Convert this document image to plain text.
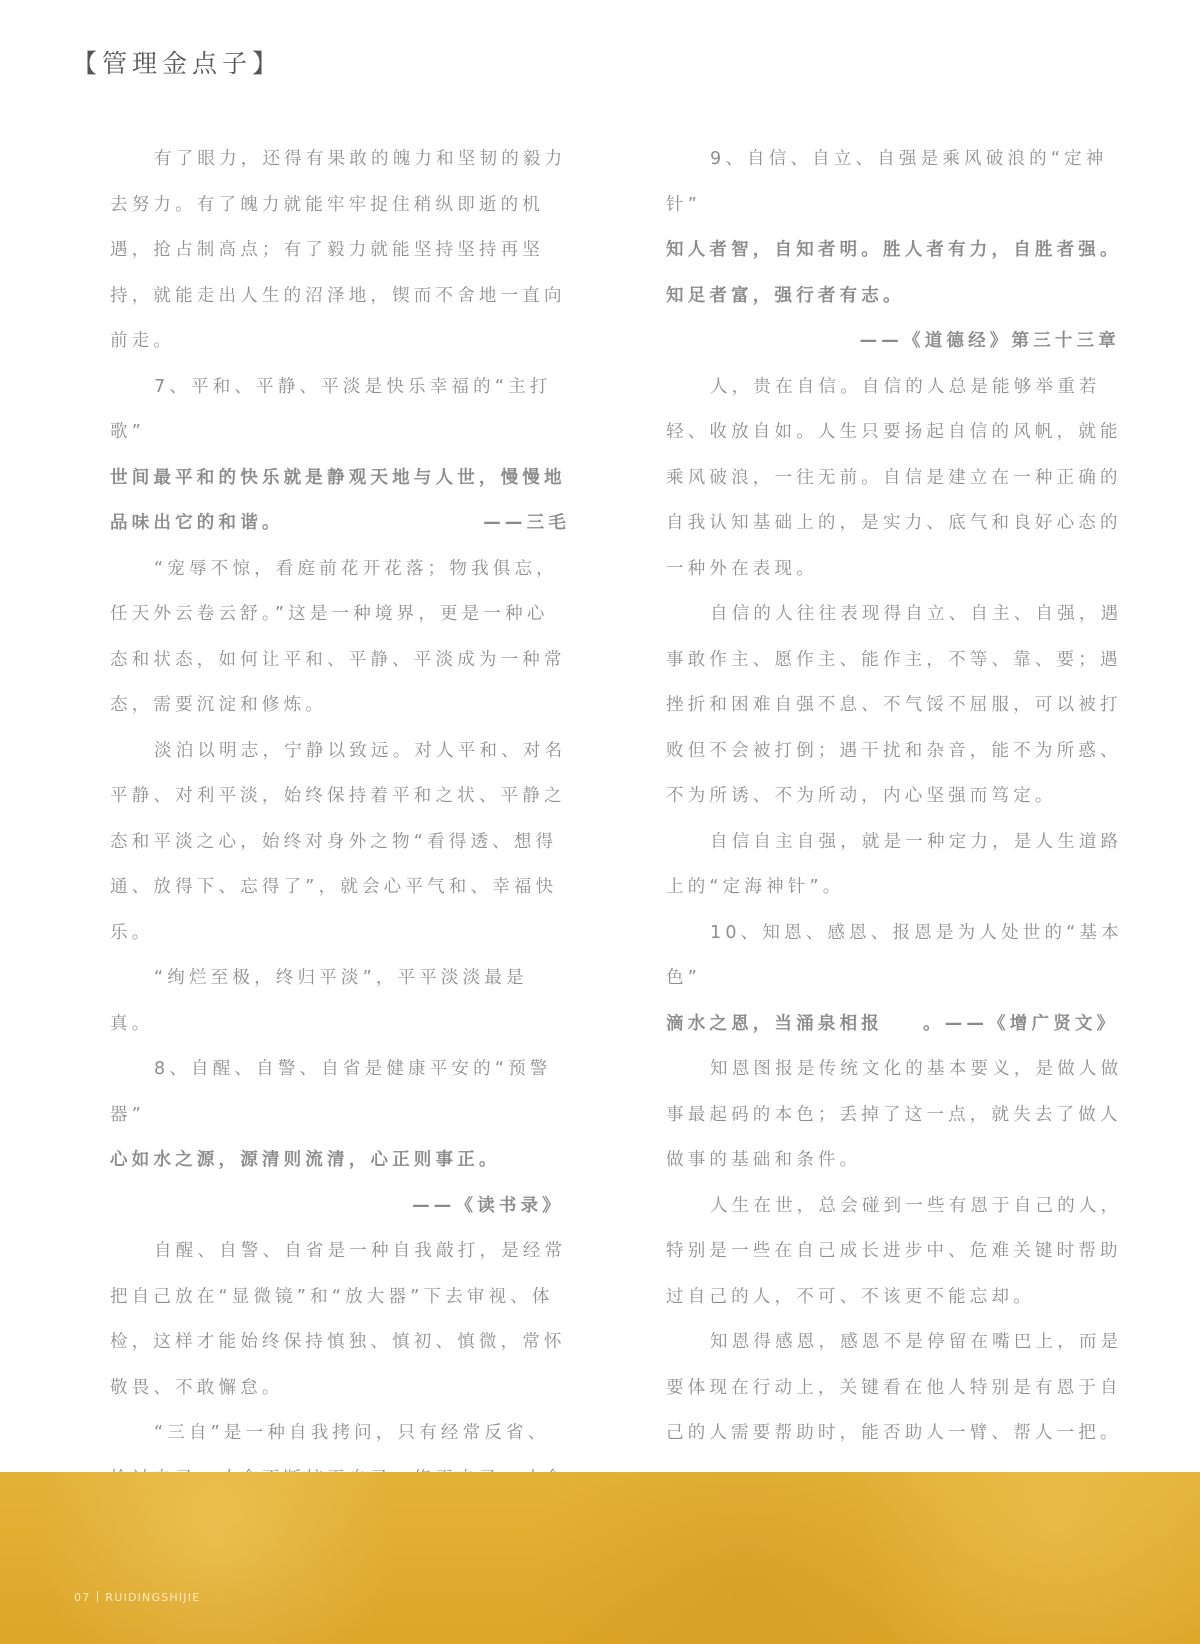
【管理金点子】

有了眼力，还得有果敢的魄力和坚韧的毅力去努力。有了魄力就能牢牢捉住稍纵即逝的机遇，抢占制高点；有了毅力就能坚持坚持再坚持，就能走出人生的沼泽地，锲而不舍地一直向前走。

7、平和、平静、平淡是快乐幸福的“主打歌”

世间最平和的快乐就是静观天地与人世，慢慢地

品味出它的和谐。	——三毛

“宠辱不惊，看庭前花开花落；物我俱忘，任天外云卷云舒。”这是一种境界，更是一种心态和状态，如何让平和、平静、平淡成为一种常态，需要沉淀和修炼。

淡泊以明志，宁静以致远。对人平和、对名平静、对利平淡，始终保持着平和之状、平静之态和平淡之心，始终对身外之物“看得透、想得通、放得下、忘得了”，就会心平气和、幸福快乐。

“绚烂至极，终归平淡”，平平淡淡最是真。

8、自醒、自警、自省是健康平安的“预警器”

心如水之源，源清则流清，心正则事正。

——《读书录》

自醒、自警、自省是一种自我敲打，是经常把自己放在“显微镜”和“放大器”下去审视、体检，这样才能始终保持慎独、慎初、慎微，常怀敬畏、不敢懈怠。

“三自”是一种自我拷问，只有经常反省、

9、自信、自立、自强是乘风破浪的“定神针”

知人者智，自知者明。胜人者有力，自胜者强。知足者富，强行者有志。

——《道德经》第三十三章

人，贵在自信。自信的人总是能够举重若轻、收放自如。人生只要扬起自信的风帆，就能乘风破浪，一往无前。自信是建立在一种正确的自我认知基础上的，是实力、底气和良好心态的一种外在表现。

自信的人往往表现得自立、自主、自强，遇事敢作主、愿作主、能作主，不等、靠、要；遇挫折和困难自强不息、不气馁不屈服，可以被打败但不会被打倒；遇干扰和杂音，能不为所惑、不为所诱、不为所动，内心坚强而笃定。

自信自主自强，就是一种定力，是人生道路上的“定海神针”。

10、知恩、感恩、报恩是为人处世的“基本色”

滴水之恩，当涌泉相报 。——《增广贤文》

知恩图报是传统文化的基本要义，是做人做事最起码的本色；丢掉了这一点，就失去了做人做事的基础和条件。

人生在世，总会碰到一些有恩于自己的人，特别是一些在自己成长进步中、危难关键时帮助过自己的人，不可、不该更不能忘却。

知恩得感恩，感恩不是停留在嘴巴上，而是要体现在行动上，关键看在他人特别是有恩于自己的人需要帮助时，能否助人一臂、帮人一把。

07 RUIDINGSHIJIE
